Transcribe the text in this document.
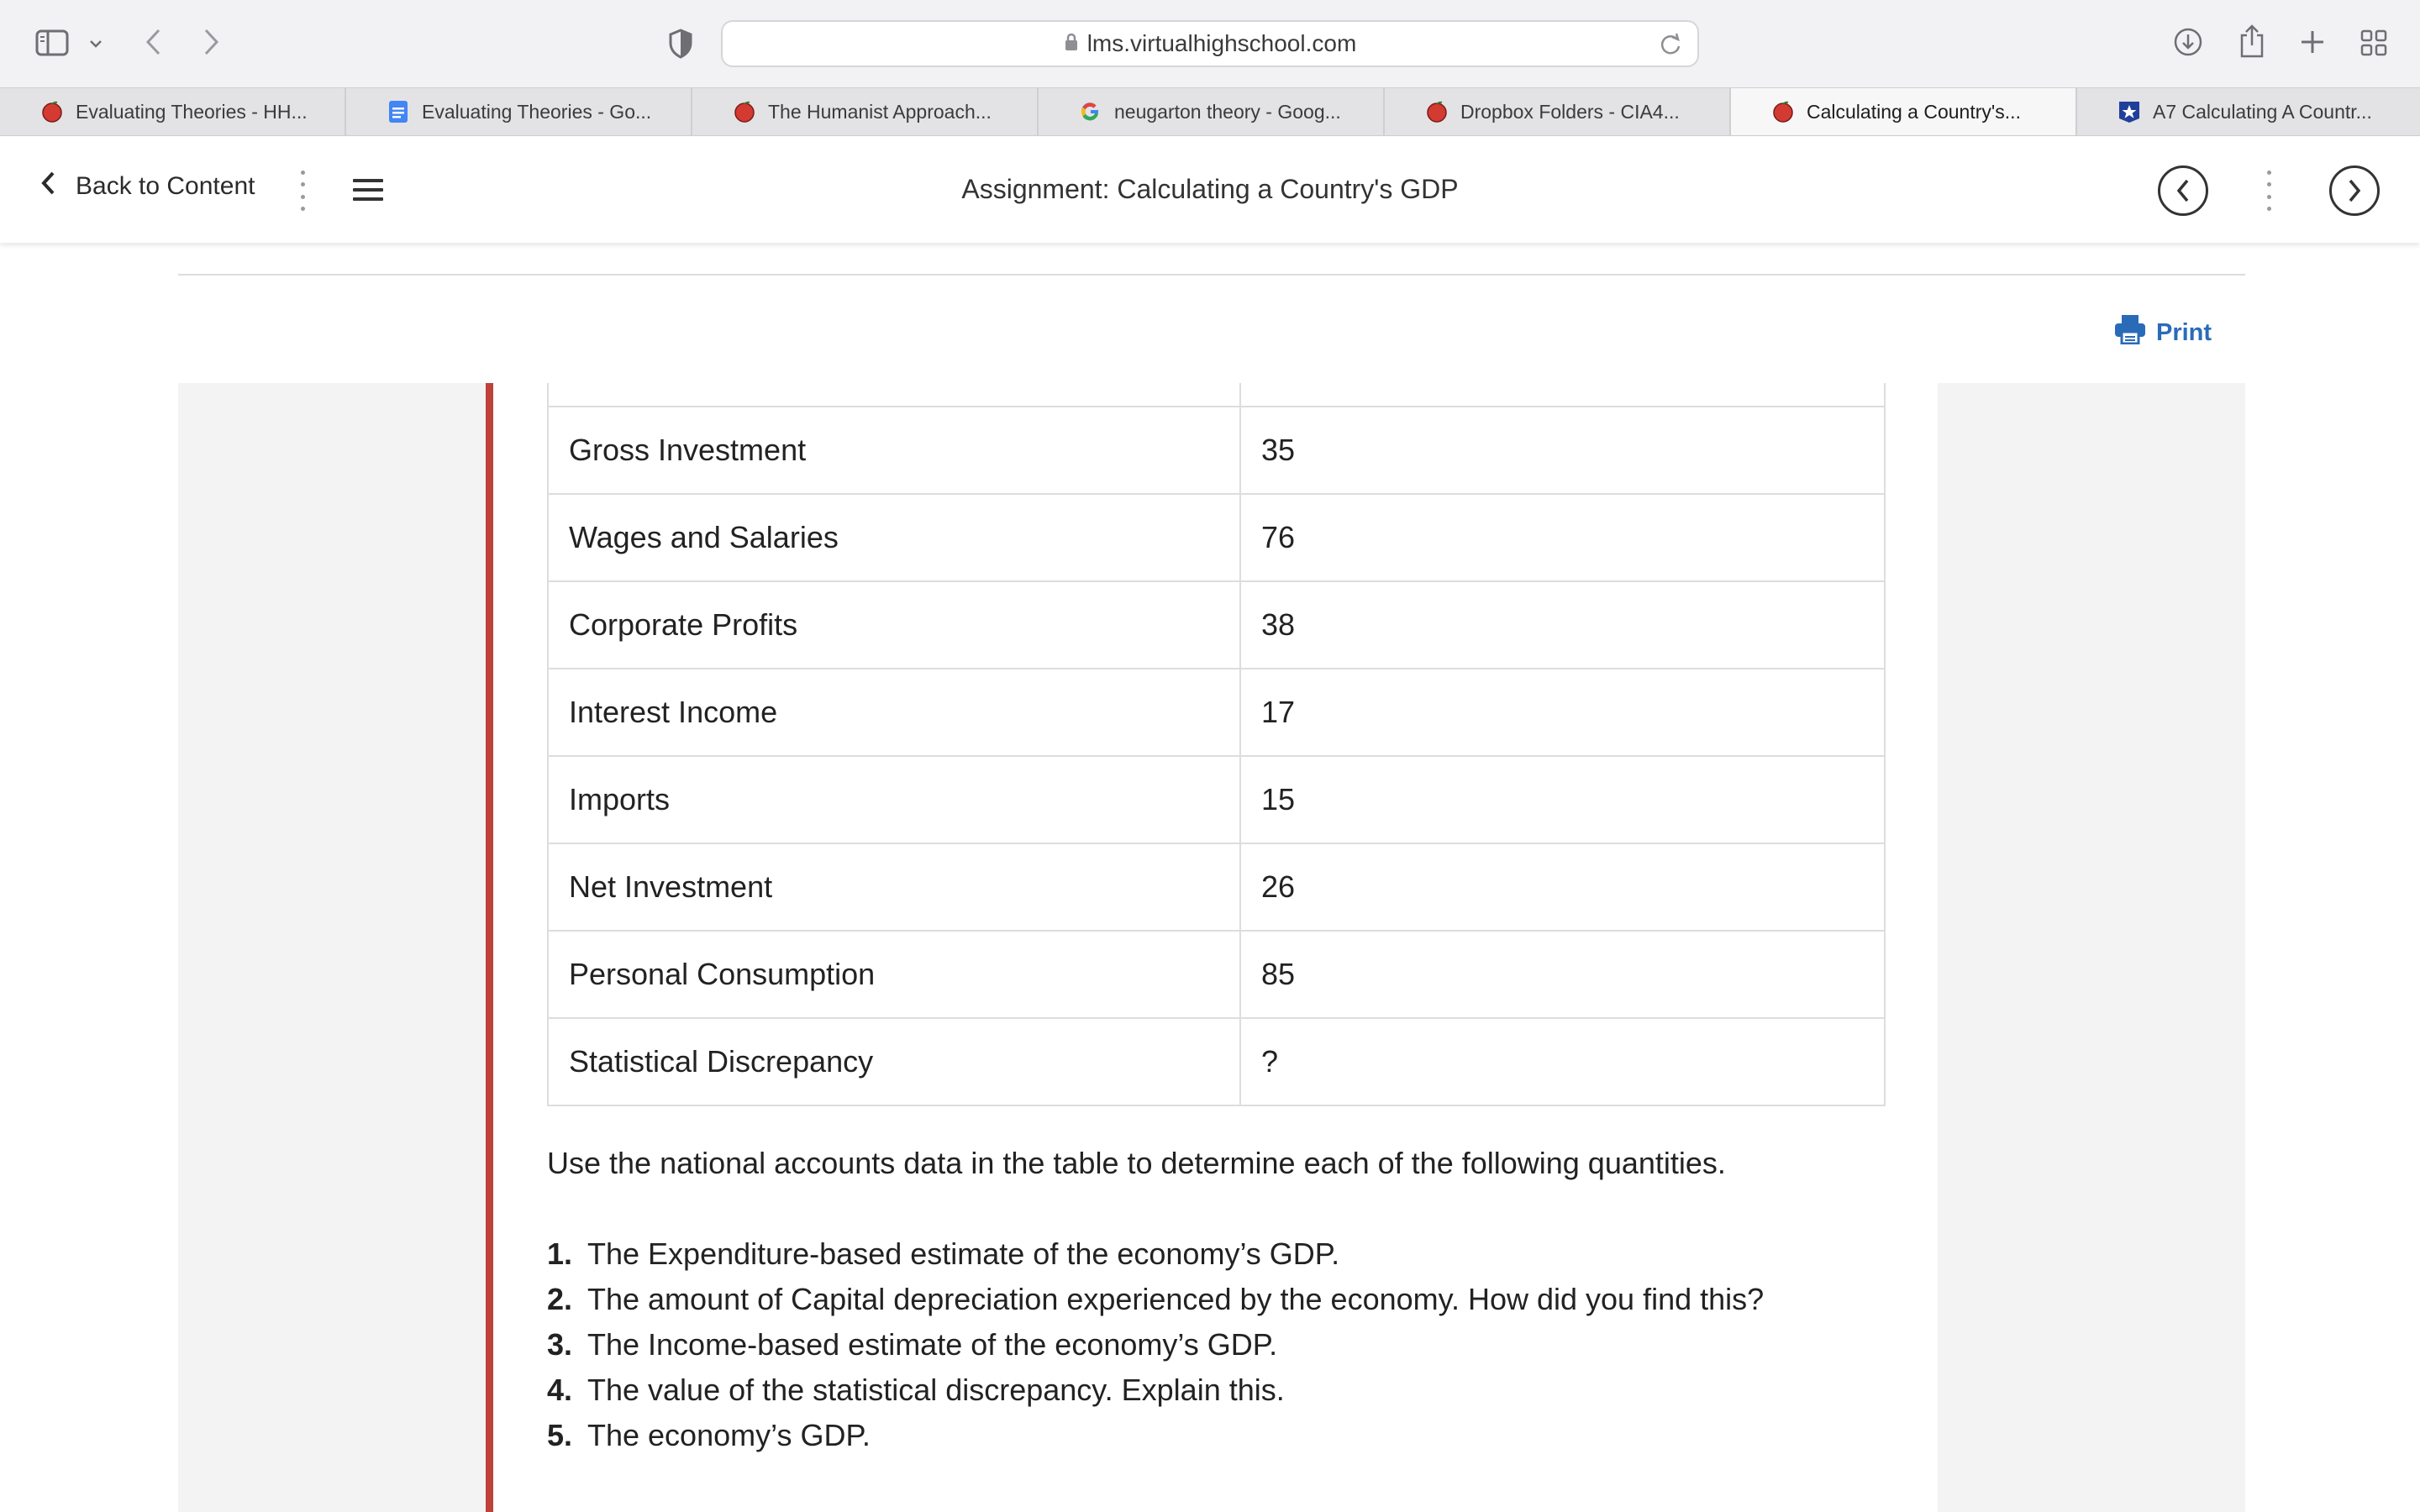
lms.virtualhighschool.com
Evaluating Theories - HH...	Evaluating Theories - Go...	The Humanist Approach...	neugarton theory - Goog...	Dropbox Folders - CIA4...	Calculating a Country's...	A7 Calculating A Countr...
Back to Content	Assignment: Calculating a Country's GDP
Print

Gross Investment	35
Wages and Salaries	76
Corporate Profits	38
Interest Income	17
Imports	15
Net Investment	26
Personal Consumption	85
Statistical Discrepancy	?

Use the national accounts data in the table to determine each of the following quantities.

1. The Expenditure-based estimate of the economy’s GDP.
2. The amount of Capital depreciation experienced by the economy. How did you find this?
3. The Income-based estimate of the economy’s GDP.
4. The value of the statistical discrepancy. Explain this.
5. The economy’s GDP.
